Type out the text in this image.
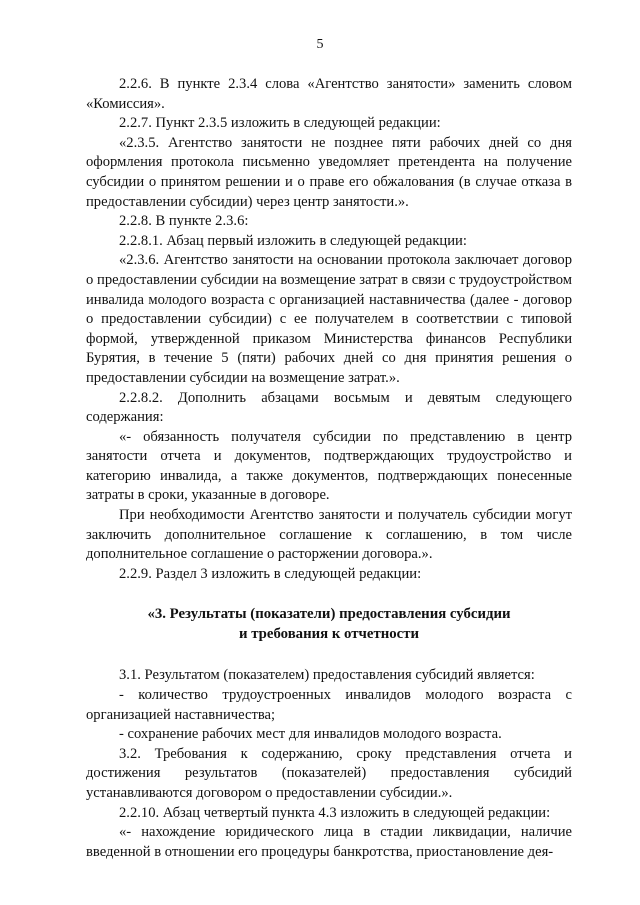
5

2.2.6. В пункте 2.3.4 слова «Агентство занятости» заменить словом «Комиссия».

2.2.7. Пункт 2.3.5 изложить в следующей редакции:

«2.3.5. Агентство занятости не позднее пяти рабочих дней со дня оформления протокола письменно уведомляет претендента на получение субсидии о принятом решении и о праве его обжалования (в случае отказа в предоставлении субсидии) через центр занятости.».

2.2.8. В пункте 2.3.6:

2.2.8.1. Абзац первый изложить в следующей редакции:

«2.3.6. Агентство занятости на основании протокола заключает договор о предоставлении субсидии на возмещение затрат в связи с трудоустройством инвалида молодого возраста с организацией наставничества (далее - договор о предоставлении субсидии) с ее получателем в соответствии с типовой формой, утвержденной приказом Министерства финансов Республики Бурятия, в течение 5 (пяти) рабочих дней со дня принятия решения о предоставлении субсидии на возмещение затрат.».

2.2.8.2. Дополнить абзацами восьмым и девятым следующего содержания:

«- обязанность получателя субсидии по представлению в центр занятости отчета и документов, подтверждающих трудоустройство и категорию инвалида, а также документов, подтверждающих понесенные затраты в сроки, указанные в договоре.

При необходимости Агентство занятости и получатель субсидии могут заключить дополнительное соглашение к соглашению, в том числе дополнительное соглашение о расторжении договора.».

2.2.9. Раздел 3 изложить в следующей редакции:

«3. Результаты (показатели) предоставления субсидии
и требования к отчетности

3.1. Результатом (показателем) предоставления субсидий является:

- количество трудоустроенных инвалидов молодого возраста с организацией наставничества;

- сохранение рабочих мест для инвалидов молодого возраста.

3.2. Требования к содержанию, сроку представления отчета и достижения результатов (показателей) предоставления субсидий устанавливаются договором о предоставлении субсидии.».

2.2.10. Абзац четвертый пункта 4.3 изложить в следующей редакции:

«- нахождение юридического лица в стадии ликвидации, наличие введенной в отношении его процедуры банкротства, приостановление дея-
